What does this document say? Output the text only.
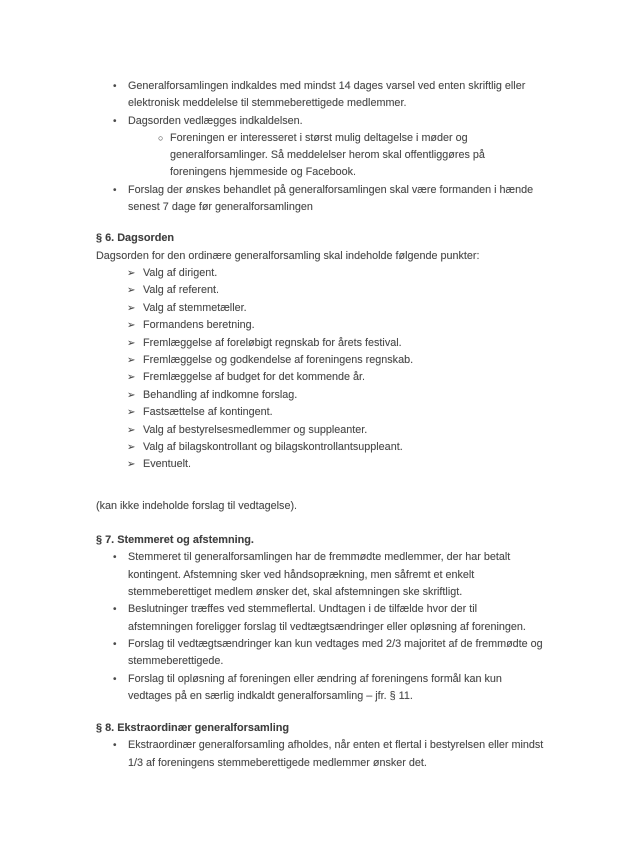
•	Generalforsamlingen indkaldes med mindst 14 dages varsel ved enten skriftlig eller elektronisk meddelelse til stemmeberettigede medlemmer.
•	Dagsorden vedlægges indkaldelsen.
○ Foreningen er interesseret i størst mulig deltagelse i møder og generalforsamlinger. Så meddelelser herom skal offentliggøres på foreningens hjemmeside og Facebook.
•	Forslag der ønskes behandlet på generalforsamlingen skal være formanden i hænde senest 7 dage før generalforsamlingen
§ 6. Dagsorden

Dagsorden for den ordinære generalforsamling skal indeholde følgende punkter:

➢ Valg af dirigent.
➢ Valg af referent.
➢ Valg af stemmetæller.
➢ Formandens beretning.
➢ Fremlæggelse af foreløbigt regnskab for årets festival.
➢ Fremlæggelse og godkendelse af foreningens regnskab.
➢ Fremlæggelse af budget for det kommende år.
➢ Behandling af indkomne forslag.
➢ Fastsættelse af kontingent.
➢ Valg af bestyrelsesmedlemmer og suppleanter.
➢ Valg af bilagskontrollant og bilagskontrollantsuppleant.
➢ Eventuelt.

(kan ikke indeholde forslag til vedtagelse).

§ 7. Stemmeret og afstemning.
•	Stemmeret til generalforsamlingen har de fremmødte medlemmer, der har betalt kontingent. Afstemning sker ved håndsoprækning, men såfremt et enkelt stemmeberettiget medlem ønsker det, skal afstemningen ske skriftligt.
•	Beslutninger træffes ved stemmeflertal. Undtagen i de tilfælde hvor der til afstemningen foreligger forslag til vedtægtsændringer eller opløsning af foreningen.
•	Forslag til vedtægtsændringer kan kun vedtages med 2/3 majoritet af de fremmødte og stemmeberettigede.
•	Forslag til opløsning af foreningen eller ændring af foreningens formål kan kun vedtages på en særlig indkaldt generalforsamling – jfr. § 11.
§ 8. Ekstraordinær generalforsamling
•	Ekstraordinær generalforsamling afholdes, når enten et flertal i bestyrelsen eller mindst 1/3 af foreningens stemmeberettigede medlemmer ønsker det.
